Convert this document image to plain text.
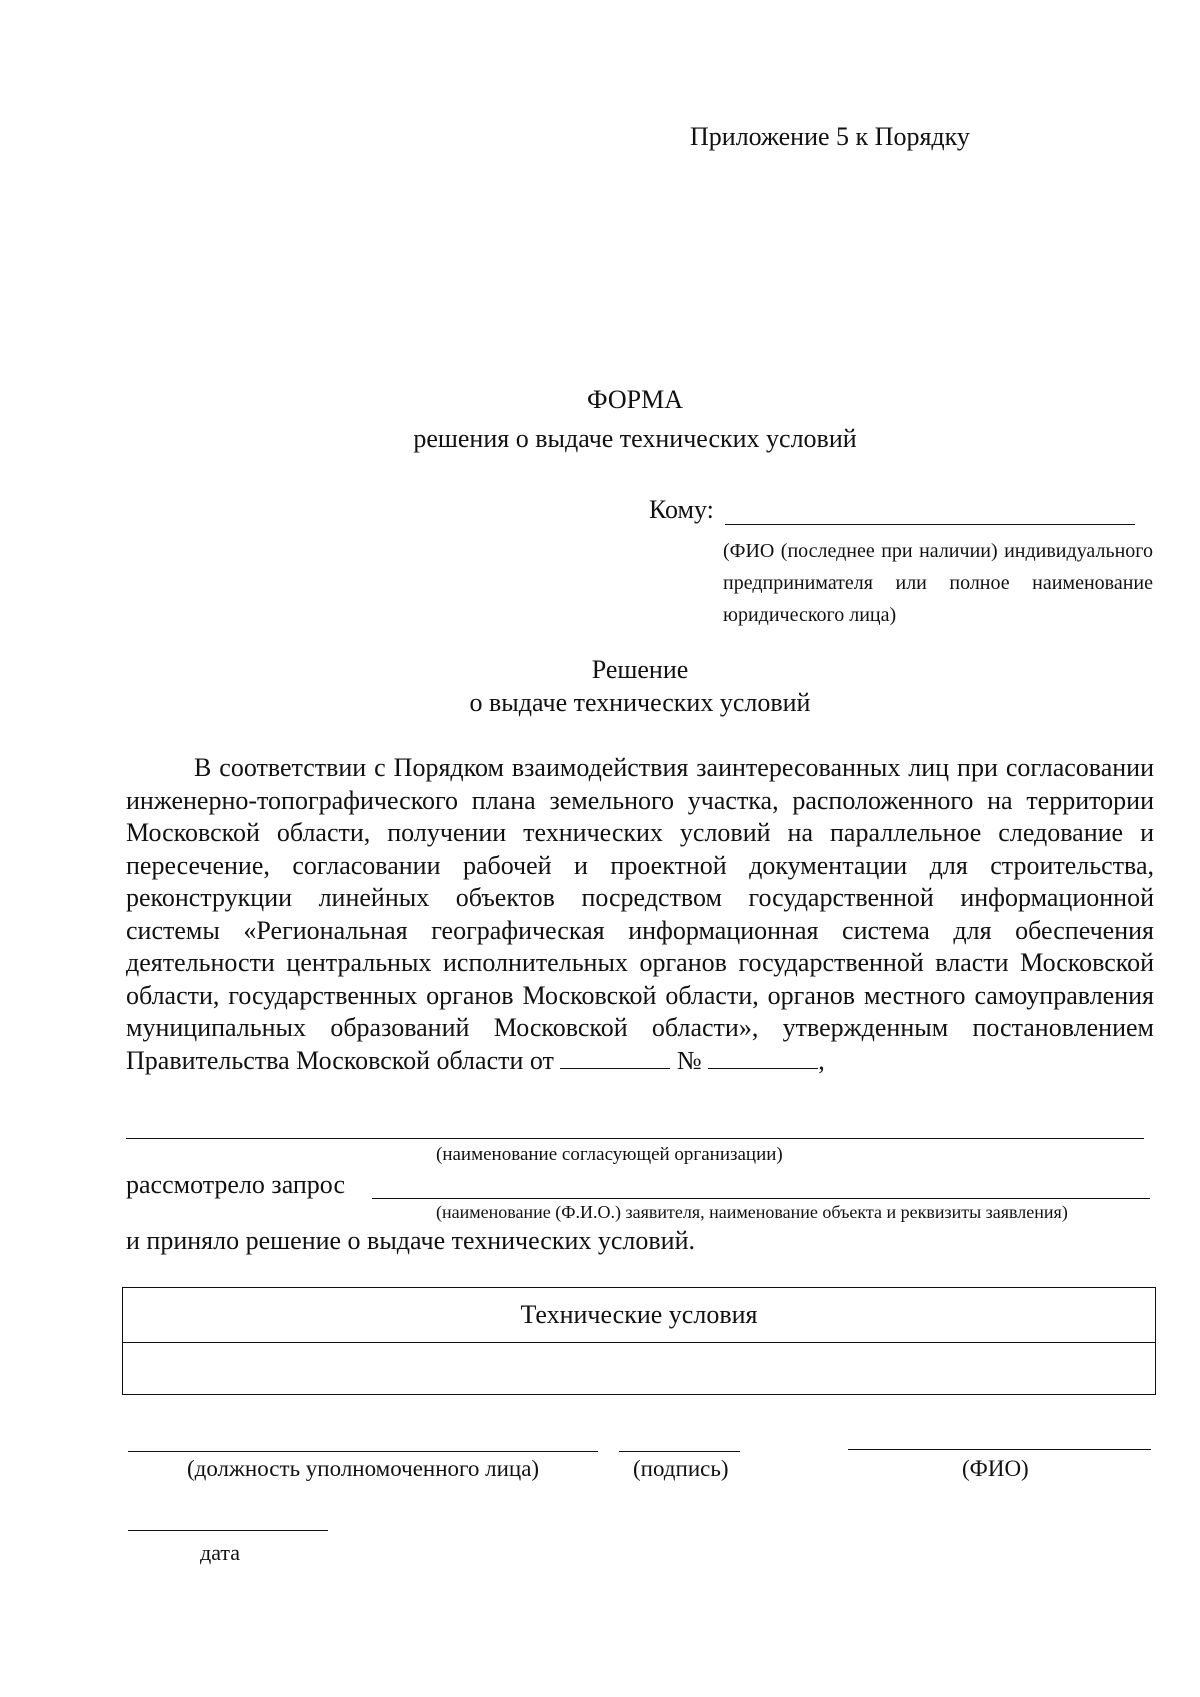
Приложение 5 к Порядку
ФОРМА
решения о выдаче технических условий
Кому:
(ФИО (последнее при наличии) индивидуального предпринимателя или полное наименование юридического лица)
Решение
о выдаче технических условий

В соответствии с Порядком взаимодействия заинтересованных лиц при согласовании инженерно-топографического плана земельного участка, расположенного на территории Московской области, получении технических условий на параллельное следование и пересечение, согласовании рабочей и проектной документации для строительства, реконструкции линейных объектов посредством государственной информационной системы «Региональная географическая информационная система для обеспечения деятельности центральных исполнительных органов государственной власти Московской области, государственных органов Московской области, органов местного самоуправления муниципальных образований Московской области», утвержденным постановлением Правительства Московской области от	№	,

(наименование согласующей организации)
рассмотрело запрос
(наименование (Ф.И.О.) заявителя, наименование объекта и реквизиты заявления)
и приняло решение о выдаче технических условий.
Технические условия
(должность уполномоченного лица)	(подпись)	(ФИО)
дата
